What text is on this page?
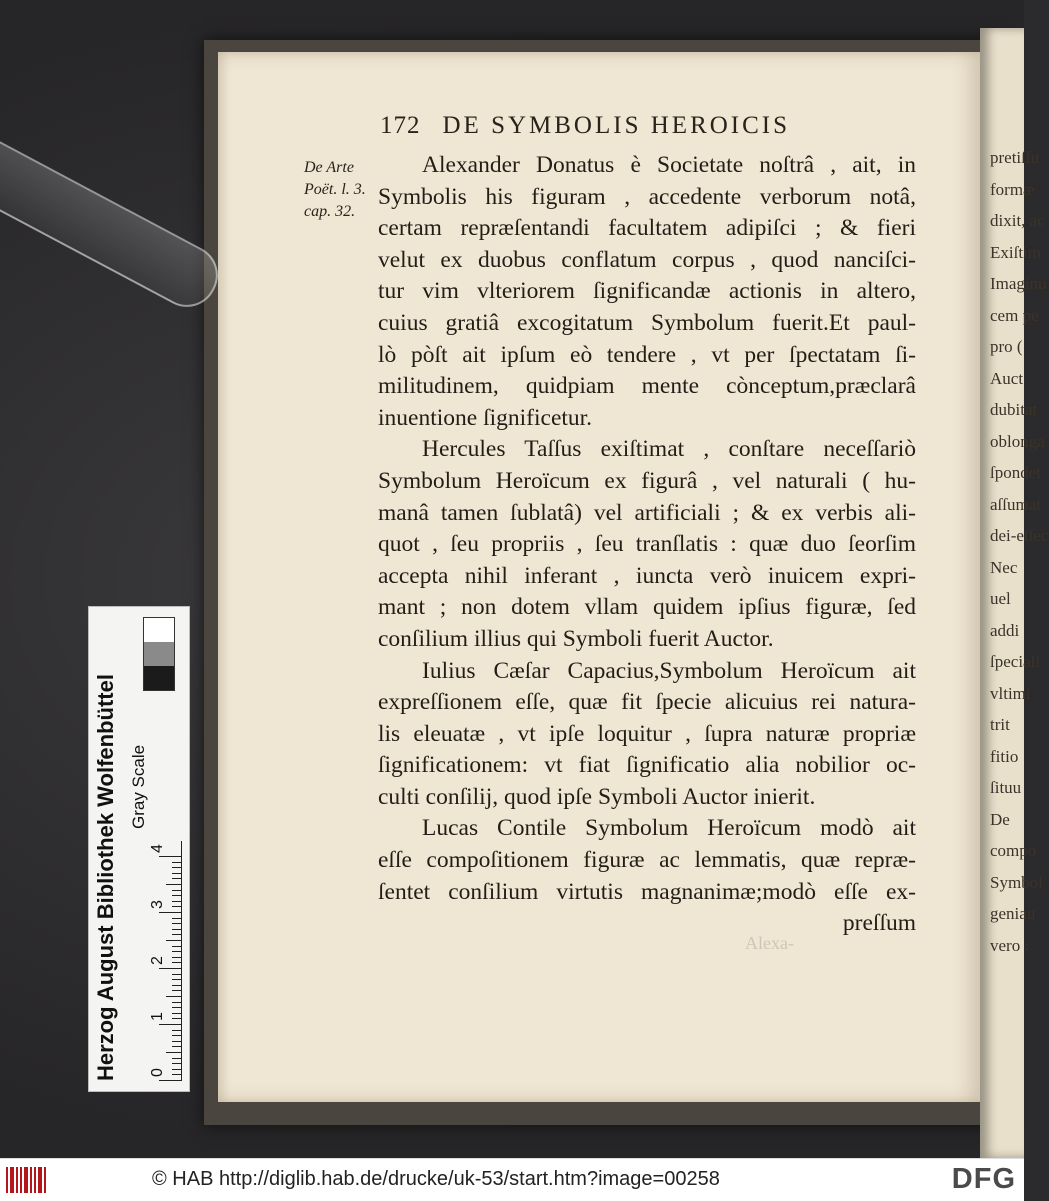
pretiſſu
formæ
dixit, ac
Exiſtim
Imaginu
cem pe
pro (
Auct
dubitat
oblonga
ſpondet
aſſumat
dei-eſſec
Nec
uel
addi
ſpeciali
vltimi
trit
fitio
ſituu
De
compo
Symbol
geniau
vero :
172 DE SYMBOLIS HEROICIS
De Arte
Poët. l. 3.
cap. 32.
Alexander Donatus è Societate noſtrâ , ait, in
Symbolis his figuram , accedente verborum notâ,
certam repræſentandi facultatem adipiſci ; & fieri
velut ex duobus conflatum corpus , quod nanciſci-
tur vim vlteriorem ſignificandæ actionis in altero,
cuius gratiâ excogitatum Symbolum fuerit.Et paul-
lò pòſt ait ipſum eò tendere , vt per ſpectatam ſi-
militudinem, quidpiam mente cònceptum,præclarâ
inuentione ſignificetur.
Hercules Taſſus exiſtimat , conſtare neceſſariò
Symbolum Heroïcum ex figurâ , vel naturali ( hu-
manâ tamen ſublatâ) vel artificiali ; & ex verbis ali-
quot , ſeu propriis , ſeu tranſlatis : quæ duo ſeorſim
accepta nihil inferant , iuncta verò inuicem expri-
mant ; non dotem vllam quidem ipſius figuræ, ſed
conſilium illius qui Symboli fuerit Auctor.
Iulius Cæſar Capacius,Symbolum Heroïcum ait
expreſſionem eſſe, quæ fit ſpecie alicuius rei natura-
lis eleuatæ , vt ipſe loquitur , ſupra naturæ propriæ
ſignificationem: vt fiat ſignificatio alia nobilior oc-
culti conſilij, quod ipſe Symboli Auctor inierit.
Lucas Contile Symbolum Heroïcum modò ait
eſſe compoſitionem figuræ ac lemmatis, quæ repræ-
ſentet conſilium virtutis magnanimæ;modò eſſe ex-
preſſum
Alexa-
Herzog August Bibliothek Wolfenbüttel 0
1
2
3
4
Gray Scale
© HAB http://diglib.hab.de/drucke/uk-53/start.htm?image=00258	DFG
